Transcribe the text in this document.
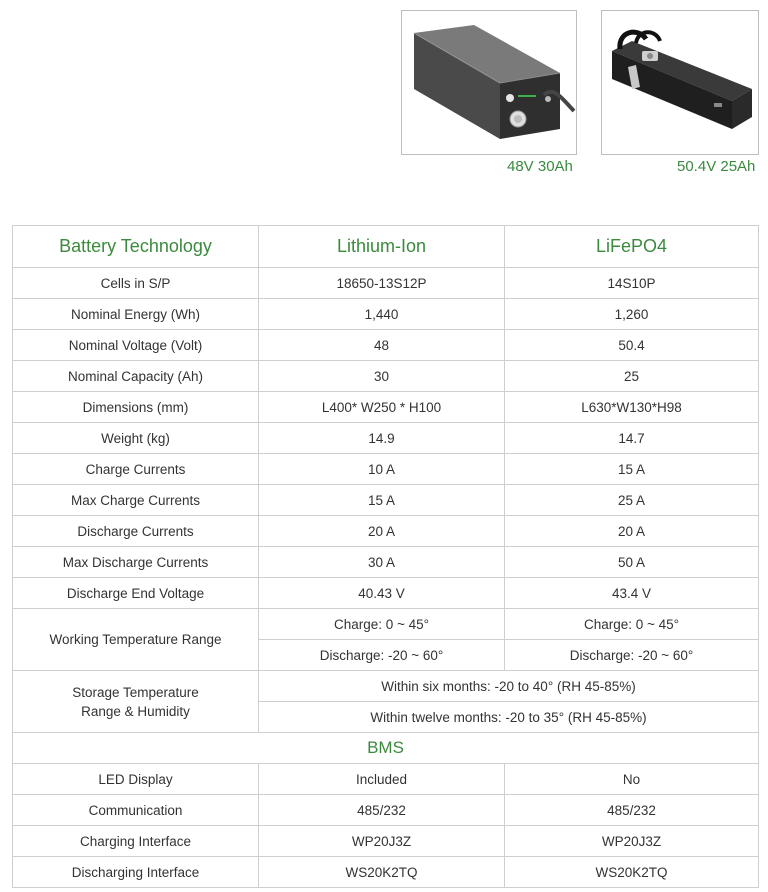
48V 30Ah	50.4V 25Ah
Battery Technology	Lithium-Ion	LiFePO4
Cells in S/P	18650-13S12P	14S10P
Nominal Energy (Wh)	1,440	1,260
Nominal Voltage (Volt)	48	50.4
Nominal Capacity (Ah)	30	25
Dimensions (mm)	L400* W250 * H100	L630*W130*H98
Weight (kg)	14.9	14.7
Charge Currents	10 A	15 A
Max Charge Currents	15 A	25 A
Discharge Currents	20 A	20 A
Max Discharge Currents	30 A	50 A
Discharge End Voltage	40.43 V	43.4 V
Working Temperature Range	Charge: 0 ~ 45°	Charge: 0 ~ 45°
	Discharge: -20 ~ 60°	Discharge: -20 ~ 60°
Storage Temperature
Range & Humidity	Within six months: -20 to 40° (RH 45-85%)	
	Within twelve months: -20 to 35° (RH 45-85%)	
BMS		
LED Display	Included	No
Communication	485/232	485/232
Charging Interface	WP20J3Z	WP20J3Z
Discharging Interface	WS20K2TQ	WS20K2TQ
